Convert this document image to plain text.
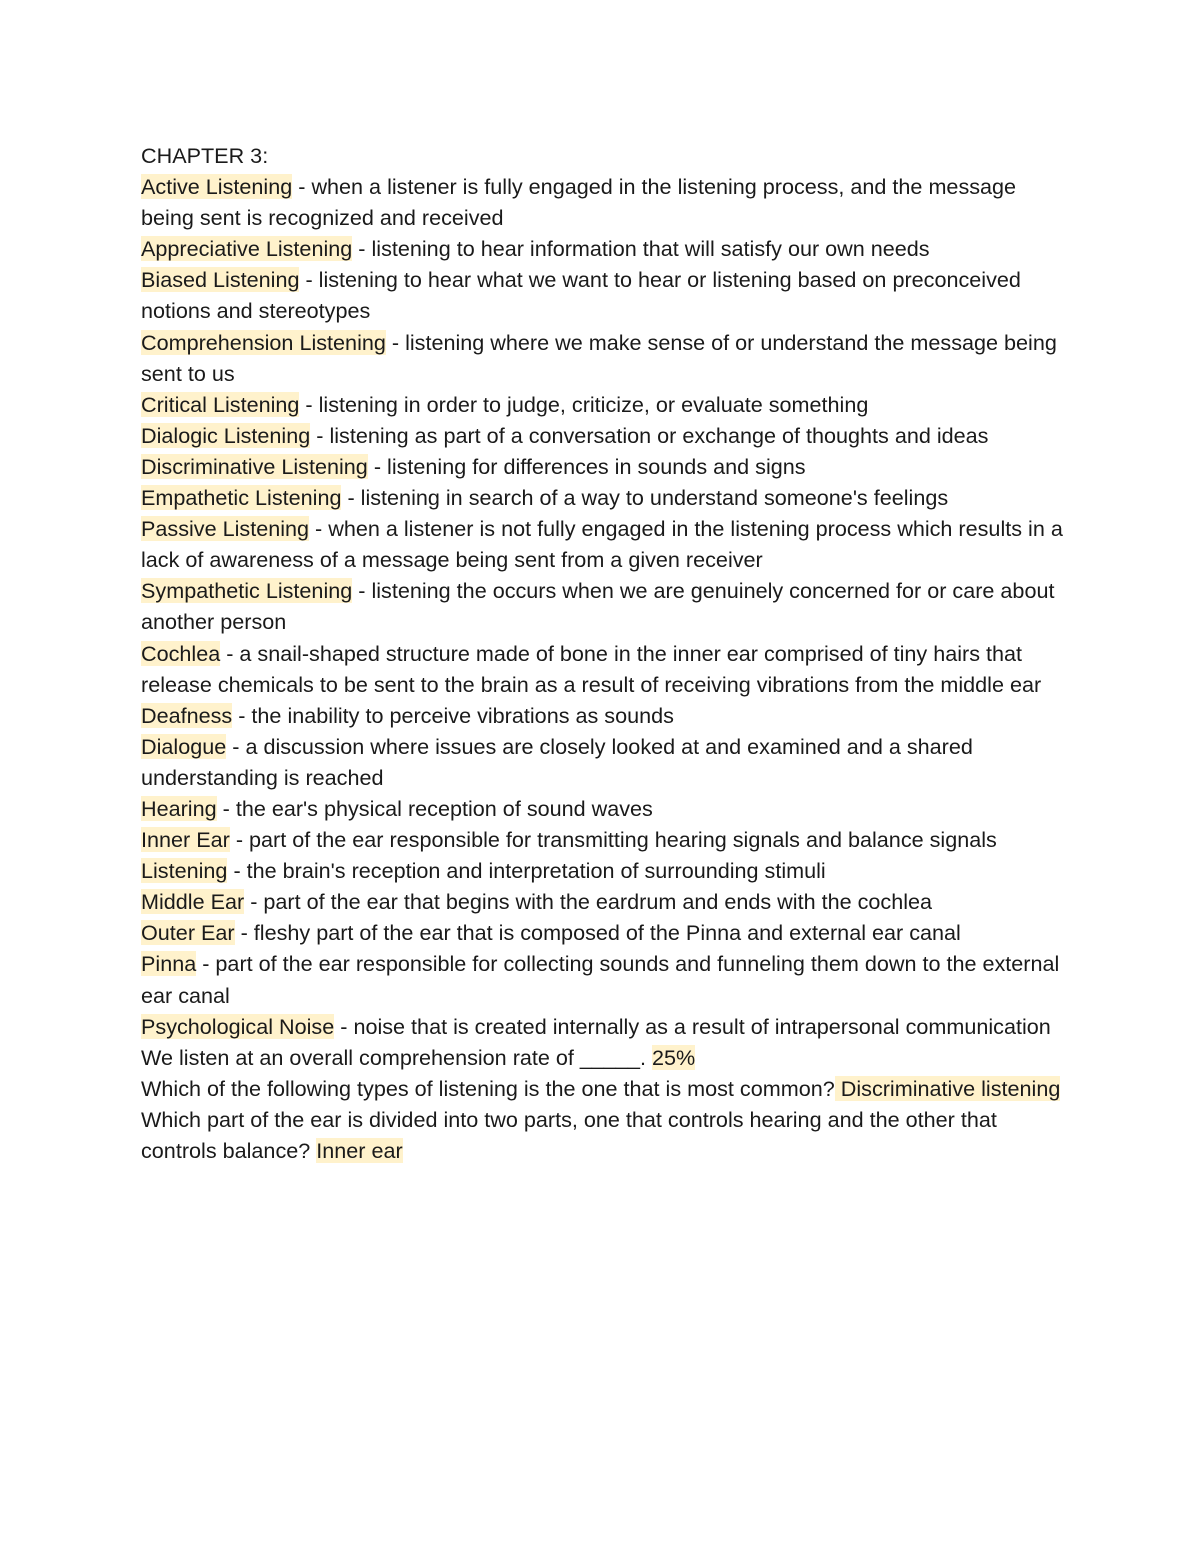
CHAPTER 3:

Active Listening - when a listener is fully engaged in the listening process, and the message being sent is recognized and received

Appreciative Listening - listening to hear information that will satisfy our own needs

Biased Listening - listening to hear what we want to hear or listening based on preconceived notions and stereotypes

Comprehension Listening - listening where we make sense of or understand the message being sent to us

Critical Listening - listening in order to judge, criticize, or evaluate something

Dialogic Listening - listening as part of a conversation or exchange of thoughts and ideas

Discriminative Listening - listening for differences in sounds and signs

Empathetic Listening - listening in search of a way to understand someone's feelings

Passive Listening - when a listener is not fully engaged in the listening process which results in a lack of awareness of a message being sent from a given receiver

Sympathetic Listening - listening the occurs when we are genuinely concerned for or care about another person

Cochlea - a snail-shaped structure made of bone in the inner ear comprised of tiny hairs that release chemicals to be sent to the brain as a result of receiving vibrations from the middle ear

Deafness - the inability to perceive vibrations as sounds

Dialogue - a discussion where issues are closely looked at and examined and a shared understanding is reached

Hearing - the ear's physical reception of sound waves

Inner Ear - part of the ear responsible for transmitting hearing signals and balance signals

Listening - the brain's reception and interpretation of surrounding stimuli

Middle Ear - part of the ear that begins with the eardrum and ends with the cochlea

Outer Ear - fleshy part of the ear that is composed of the Pinna and external ear canal

Pinna - part of the ear responsible for collecting sounds and funneling them down to the external ear canal

Psychological Noise - noise that is created internally as a result of intrapersonal communication

We listen at an overall comprehension rate of _____. 25%

Which of the following types of listening is the one that is most common? Discriminative listening

Which part of the ear is divided into two parts, one that controls hearing and the other that controls balance? Inner ear
